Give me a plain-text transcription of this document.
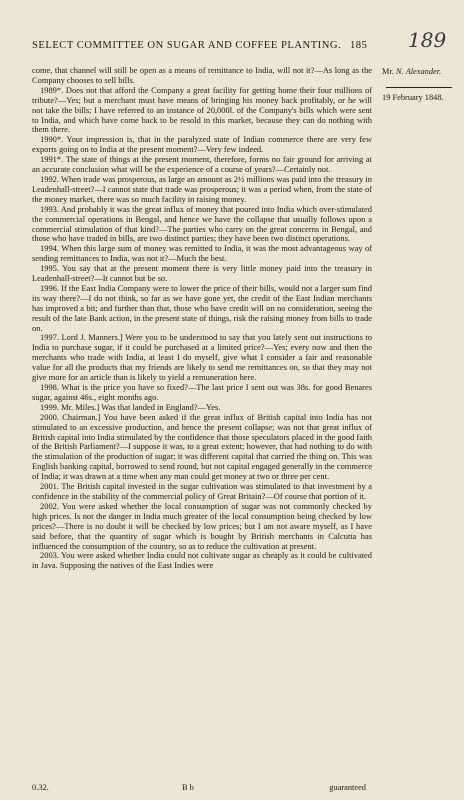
SELECT COMMITTEE ON SUGAR AND COFFEE PLANTING. 185 189
Mr. N. Alexander.
19 February 1848.

come, that channel will still be open as a means of remittance to India, will not it?—As long as the Company chooses to sell bills.

1989*. Does not that afford the Company a great facility for getting home their four millions of tribute?—Yes; but a merchant must have means of bringing his money back profitably, or he will not take the bills; I have referred to an instance of 20,000l. of the Company's bills which were sent to India, and which have come back to be resold in this market, because they can do nothing with them there.

1990*. Your impression is, that in the paralyzed state of Indian commerce there are very few exports going on to India at the present moment?—Very few indeed.

1991*. The state of things at the present moment, therefore, forms no fair ground for arriving at an accurate conclusion what will be the experience of a course of years?—Certainly not.

1992. When trade was prosperous, as large an amount as 2½ millions was paid into the treasury in Leadenhall-street?—I cannot state that trade was prosperous; it was a period when, from the state of the money market, there was so much facility in raising money.

1993. And probably it was the great influx of money that poured into India which over-stimulated the commercial operations in Bengal, and hence we have the collapse that usually follows upon a commercial stimulation of that kind?—The parties who carry on the great concerns in Bengal, and those who have traded in bills, are two distinct parties; they have been two distinct operations.

1994. When this large sum of money was remitted to India, it was the most advantageous way of sending remittances to India, was not it?—Much the best.

1995. You say that at the present moment there is very little money paid into the treasury in Leadenhall-street?—It cannot but be so.

1996. If the East India Company were to lower the price of their bills, would not a larger sum find its way there?—I do not think, so far as we have gone yet, the credit of the East Indian merchants has improved a bit; and further than that, those who have credit will on no consideration, seeing the result of the late Bank action, in the present state of things, risk the raising money from bills to trade on.

1997. Lord J. Manners.] Were you to be understood to say that you lately sent out instructions to India to purchase sugar, if it could be purchased at a limited price?—Yes; every now and then the merchants who trade with India, at least I do myself, give what I consider a fair and reasonable value for all the products that my friends are likely to send me remittances on, so that they may not give more for an article than is likely to yield a remuneration here.

1998. What is the price you have so fixed?—The last price I sent out was 38s. for good Benares sugar, against 46s., eight months ago.

1999. Mr. Miles.] Was that landed in England?—Yes.

2000. Chairman.] You have been asked if the great influx of British capital into India has not stimulated to an excessive production, and hence the present collapse; was not that great influx of British capital into India stimulated by the confidence that those speculators placed in the good faith of the British Parliament?—I suppose it was, to a great extent; however, that had nothing to do with the stimulation of the production of sugar; it was different capital that carried the thing on. This was English banking capital, borrowed to send round, but not capital engaged generally in the commerce of India; it was drawn at a time when any man could get money at two or three per cent.

2001. The British capital invested in the sugar cultivation was stimulated to that investment by a confidence in the stability of the commercial policy of Great Britain?—Of course that portion of it.

2002. You were asked whether the local consumption of sugar was not commonly checked by high prices. Is not the danger in India much greater of the local consumption being checked by low prices?—There is no doubt it will be checked by low prices; but I am not aware myself, as I have said before, that the quantity of sugar which is bought by British merchants in Calcutta has influenced the consumption of the country, so as to reduce the cultivation at present.

2003. You were asked whether India could not cultivate sugar as cheaply as it could be cultivated in Java. Supposing the natives of the East Indies were

0.32.	B b	guaranteed
